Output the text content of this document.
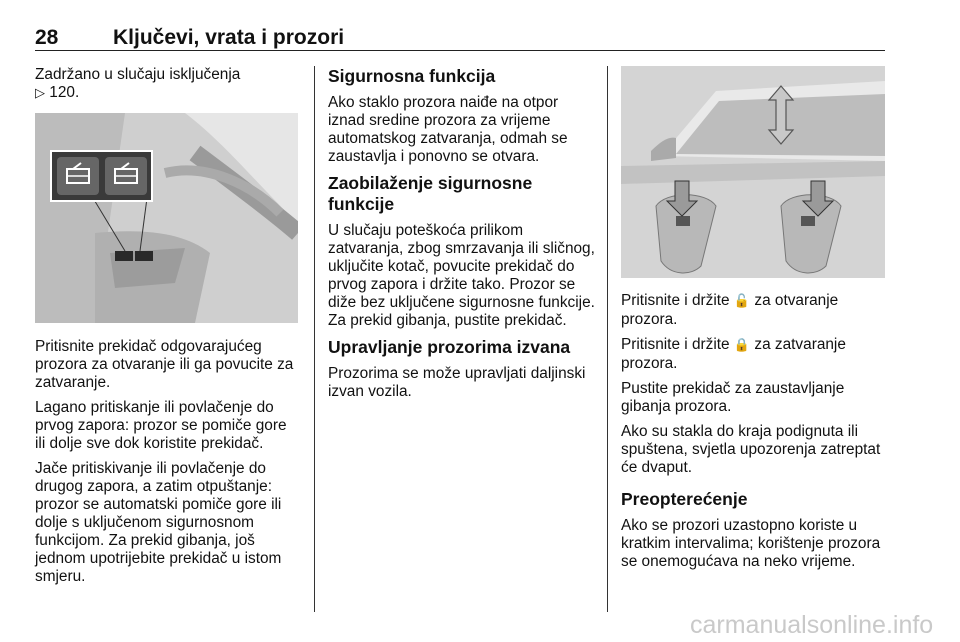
28	Ključevi, vrata i prozori

Zadržano u slučaju isključenja
▷ 120.

Pritisnite prekidač odgovarajućeg prozora za otvaranje ili ga povucite za zatvaranje.

Lagano pritiskanje ili povlačenje do prvog zapora: prozor se pomiče gore ili dolje sve dok koristite prekidač.

Jače pritiskivanje ili povlačenje do drugog zapora, a zatim otpuštanje: prozor se automatski pomiče gore ili dolje s uključenom sigurnosnom funkcijom. Za prekid gibanja, još jednom upotrijebite prekidač u istom smjeru.

Sigurnosna funkcija

Ako staklo prozora naiđe na otpor iznad sredine prozora za vrijeme automatskog zatvaranja, odmah se zaustavlja i ponovno se otvara.

Zaobilaženje sigurnosne funkcije

U slučaju poteškoća prilikom zatvaranja, zbog smrzavanja ili sličnog, uključite kotač, povucite prekidač do prvog zapora i držite tako. Prozor se diže bez uključene sigurnosne funkcije. Za prekid gibanja, pustite prekidač.

Upravljanje prozorima izvana

Prozorima se može upravljati daljinski izvan vozila.

Pritisnite i držite 🔓 za otvaranje prozora.

Pritisnite i držite 🔒 za zatvaranje prozora.

Pustite prekidač za zaustavljanje gibanja prozora.

Ako su stakla do kraja podignuta ili spuštena, svjetla upozorenja zatreptat će dvaput.

Preopterećenje

Ako se prozori uzastopno koriste u kratkim intervalima; korištenje prozora se onemogućava na neko vrijeme.

carmanualsonline.info
